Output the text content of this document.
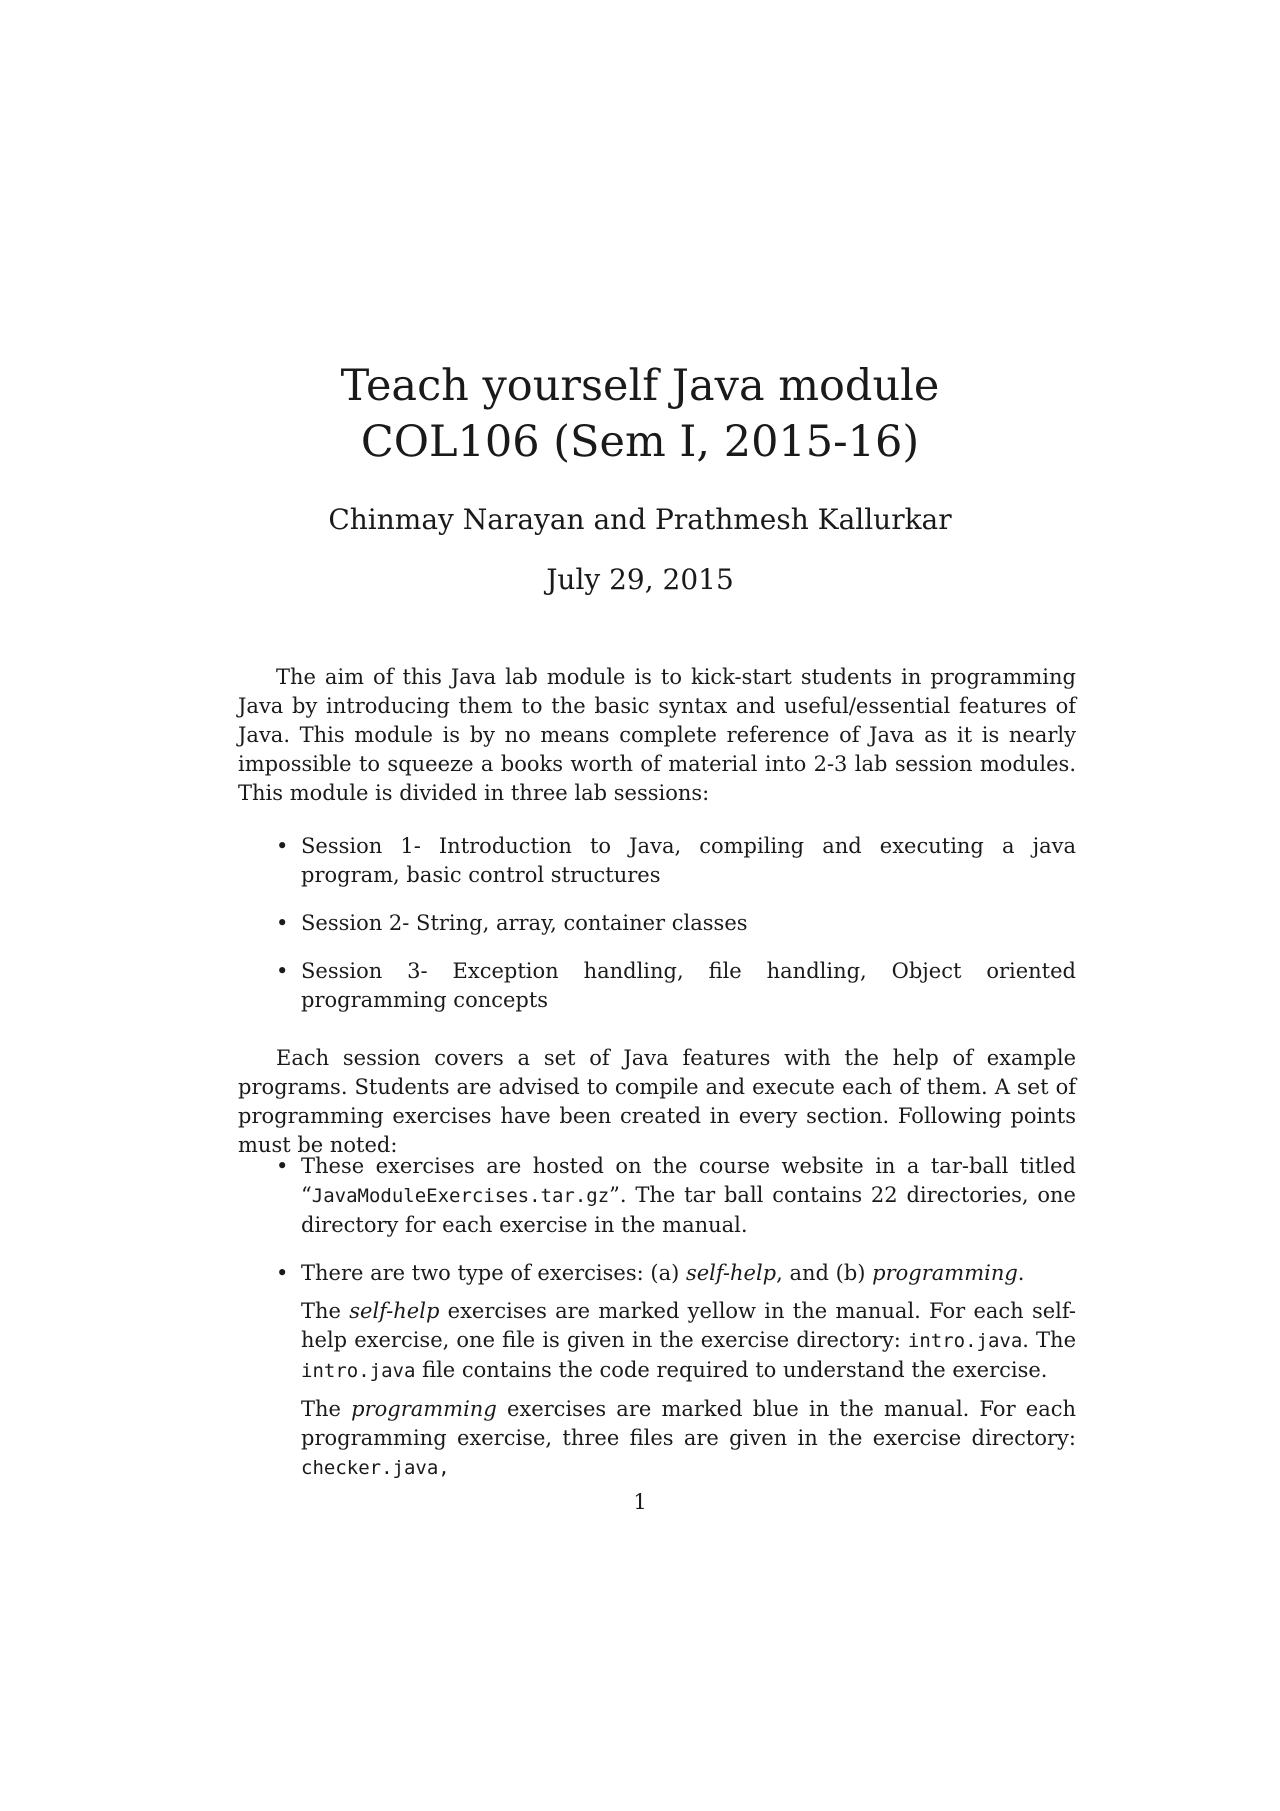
Teach yourself Java module
COL106 (Sem I, 2015-16)
Chinmay Narayan and Prathmesh Kallurkar
July 29, 2015

The aim of this Java lab module is to kick-start students in programming Java by introducing them to the basic syntax and useful/essential features of Java. This module is by no means complete reference of Java as it is nearly impossible to squeeze a books worth of material into 2-3 lab session modules. This module is divided in three lab sessions:

• Session 1- Introduction to Java, compiling and executing a java program, basic control structures
• Session 2- String, array, container classes
• Session 3- Exception handling, file handling, Object oriented programming concepts

Each session covers a set of Java features with the help of example programs. Students are advised to compile and execute each of them. A set of programming exercises have been created in every section. Following points must be noted:

• These exercises are hosted on the course website in a tar-ball titled “JavaModuleExercises.tar.gz”. The tar ball contains 22 directories, one directory for each exercise in the manual.
• There are two type of exercises: (a) self-help, and (b) programming.

The self-help exercises are marked yellow in the manual. For each self-help exercise, one file is given in the exercise directory: intro.java. The intro.java file contains the code required to understand the exercise.

The programming exercises are marked blue in the manual. For each programming exercise, three files are given in the exercise directory: checker.java,

1
